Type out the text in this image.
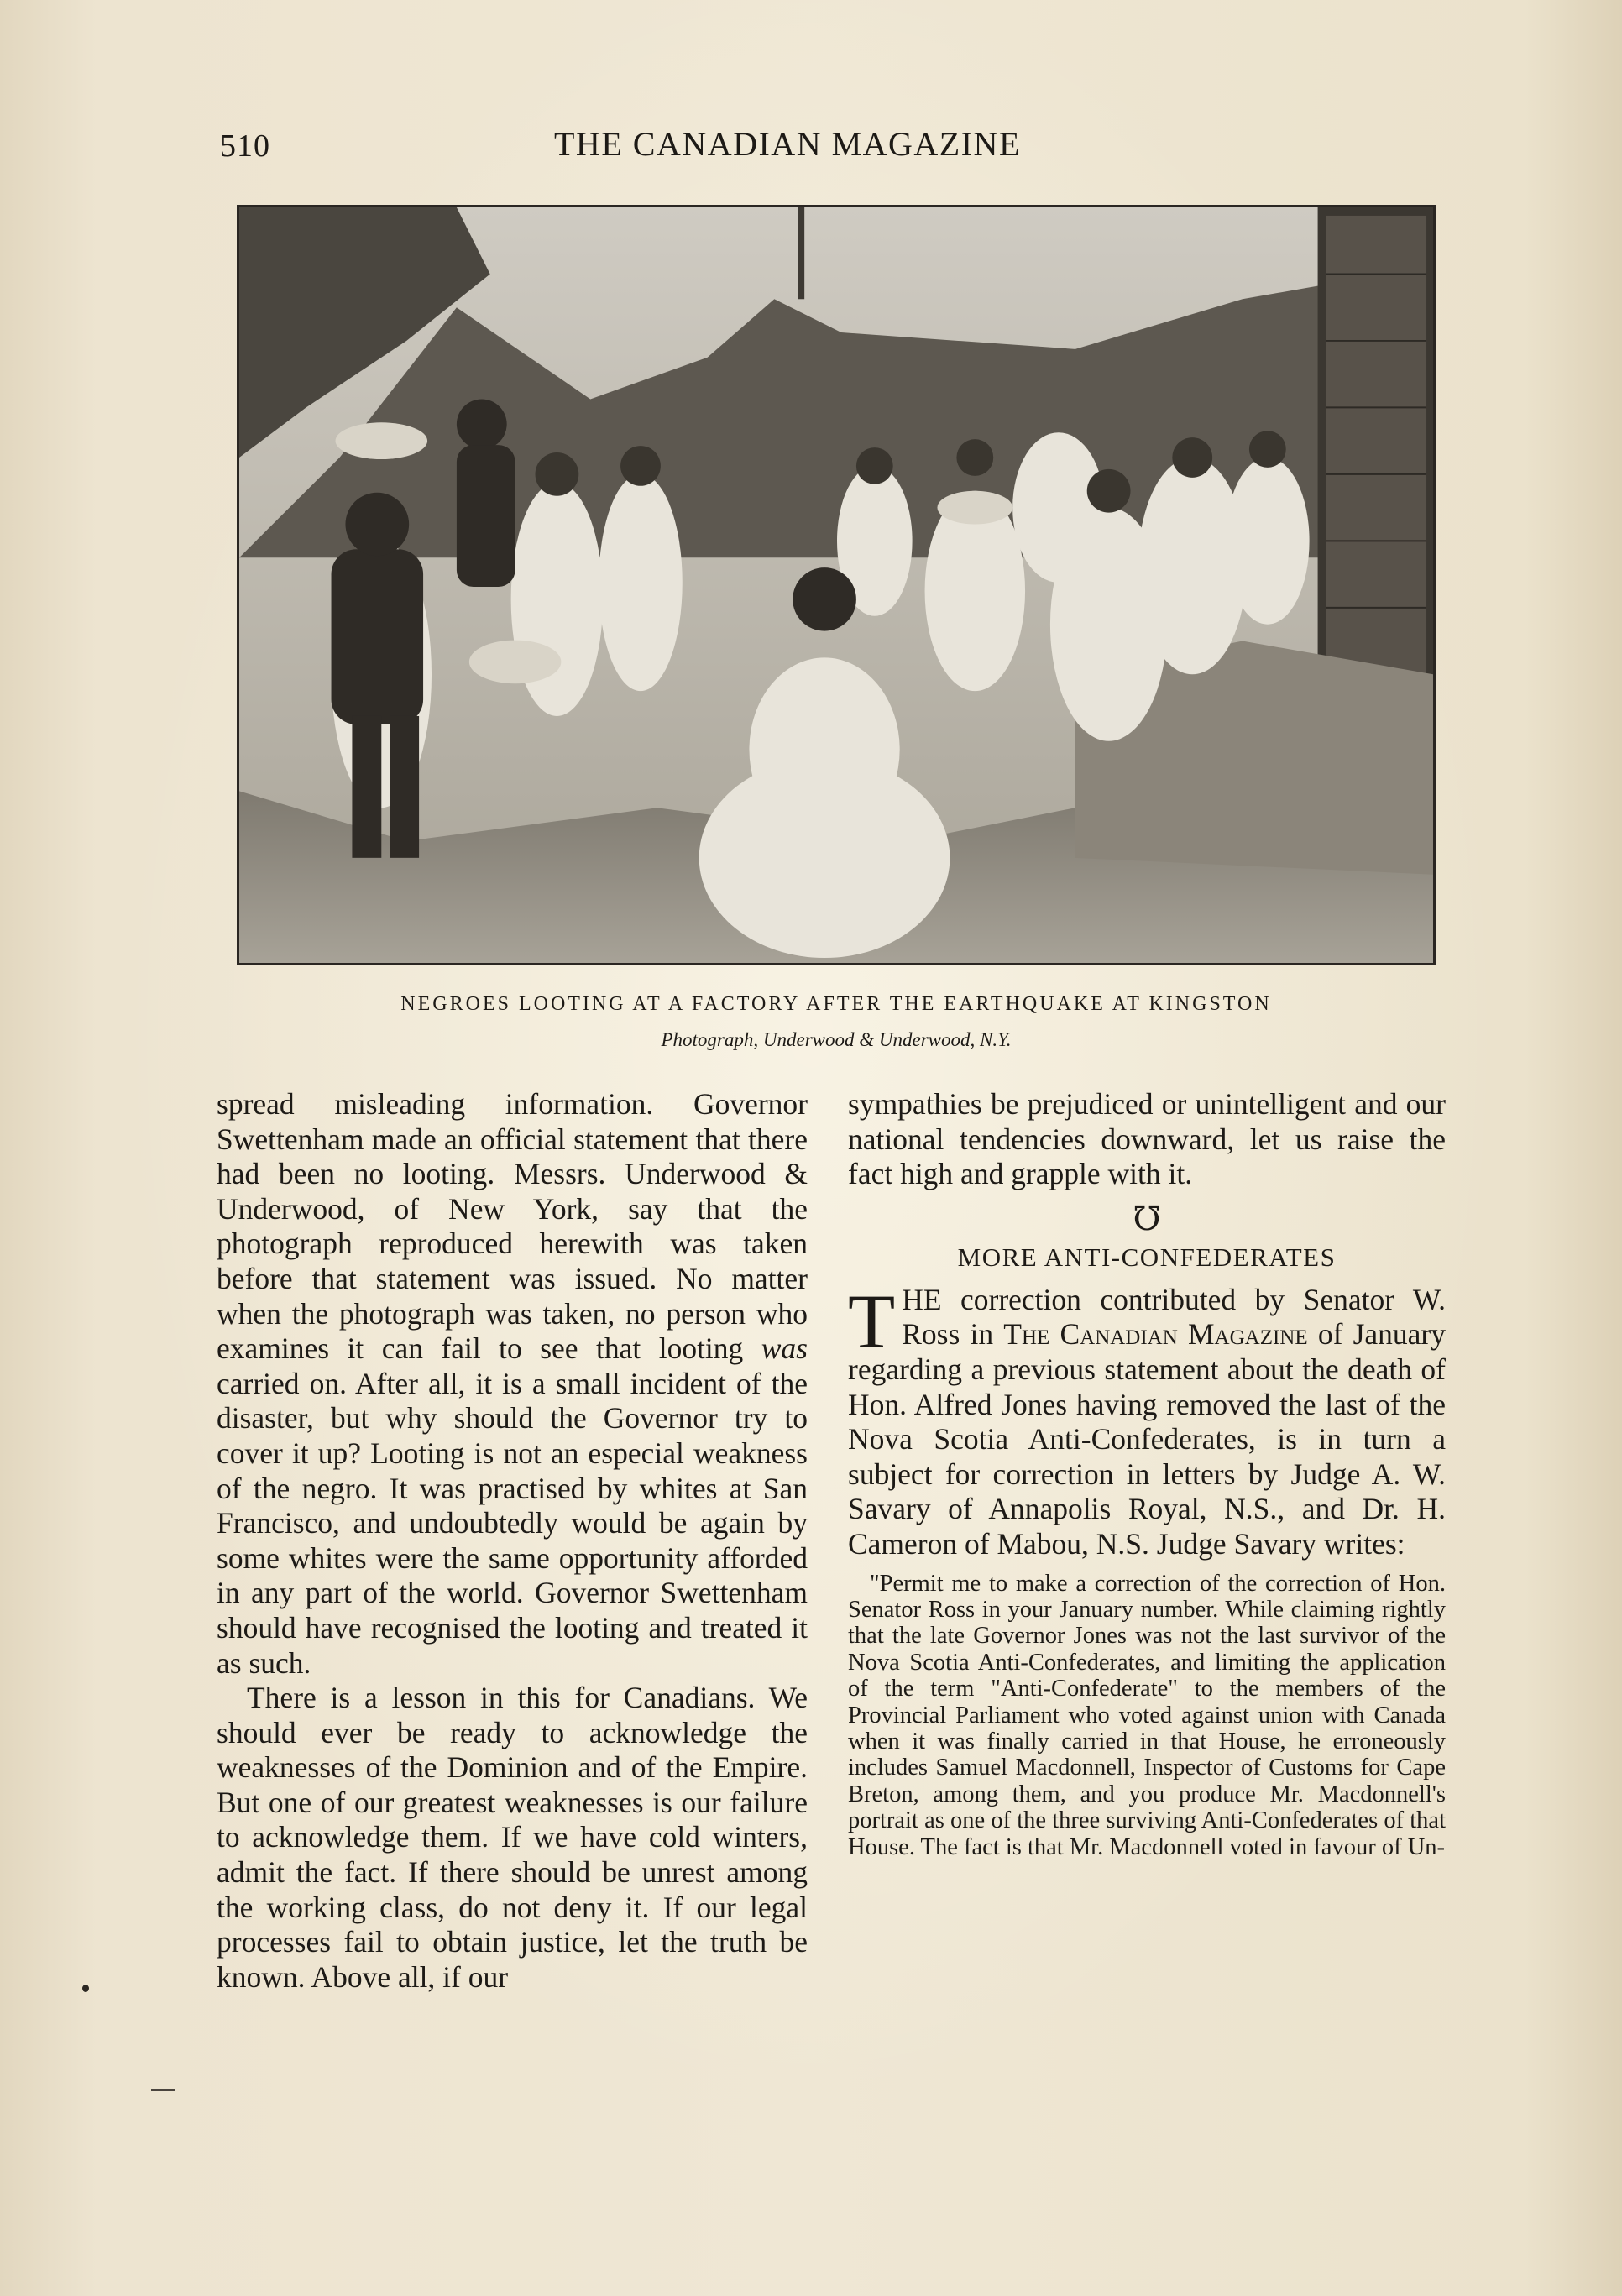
510	THE CANADIAN MAGAZINE
NEGROES LOOTING AT A FACTORY AFTER THE EARTHQUAKE AT KINGSTON
Photograph, Underwood & Underwood, N.Y.

spread misleading information. Governor Swettenham made an official statement that there had been no looting. Messrs. Underwood & Underwood, of New York, say that the photograph reproduced herewith was taken before that statement was issued. No matter when the photograph was taken, no person who examines it can fail to see that looting was carried on. After all, it is a small incident of the disaster, but why should the Governor try to cover it up? Looting is not an especial weakness of the negro. It was practised by whites at San Francisco, and undoubtedly would be again by some whites were the same opportunity afforded in any part of the world. Governor Swettenham should have recognised the looting and treated it as such.

There is a lesson in this for Canadians. We should ever be ready to acknowledge the weaknesses of the Dominion and of the Empire. But one of our greatest weaknesses is our failure to acknowledge them. If we have cold winters, admit the fact. If there should be unrest among the working class, do not deny it. If our legal processes fail to obtain justice, let the truth be known. Above all, if our

sympathies be prejudiced or unintelligent and our national tendencies downward, let us raise the fact high and grapple with it.

℧
MORE ANTI-CONFEDERATES

THE correction contributed by Senator W. Ross in The Canadian Magazine of January regarding a previous statement about the death of Hon. Alfred Jones having removed the last of the Nova Scotia Anti-Confederates, is in turn a subject for correction in letters by Judge A. W. Savary of Annapolis Royal, N.S., and Dr. H. Cameron of Mabou, N.S. Judge Savary writes:

"Permit me to make a correction of the correction of Hon. Senator Ross in your January number. While claiming rightly that the late Governor Jones was not the last survivor of the Nova Scotia Anti-Confederates, and limiting the application of the term "Anti-Confederate" to the members of the Provincial Parliament who voted against union with Canada when it was finally carried in that House, he erroneously includes Samuel Macdonnell, Inspector of Customs for Cape Breton, among them, and you produce Mr. Macdonnell's portrait as one of the three surviving Anti-Confederates of that House. The fact is that Mr. Macdonnell voted in favour of Un-
